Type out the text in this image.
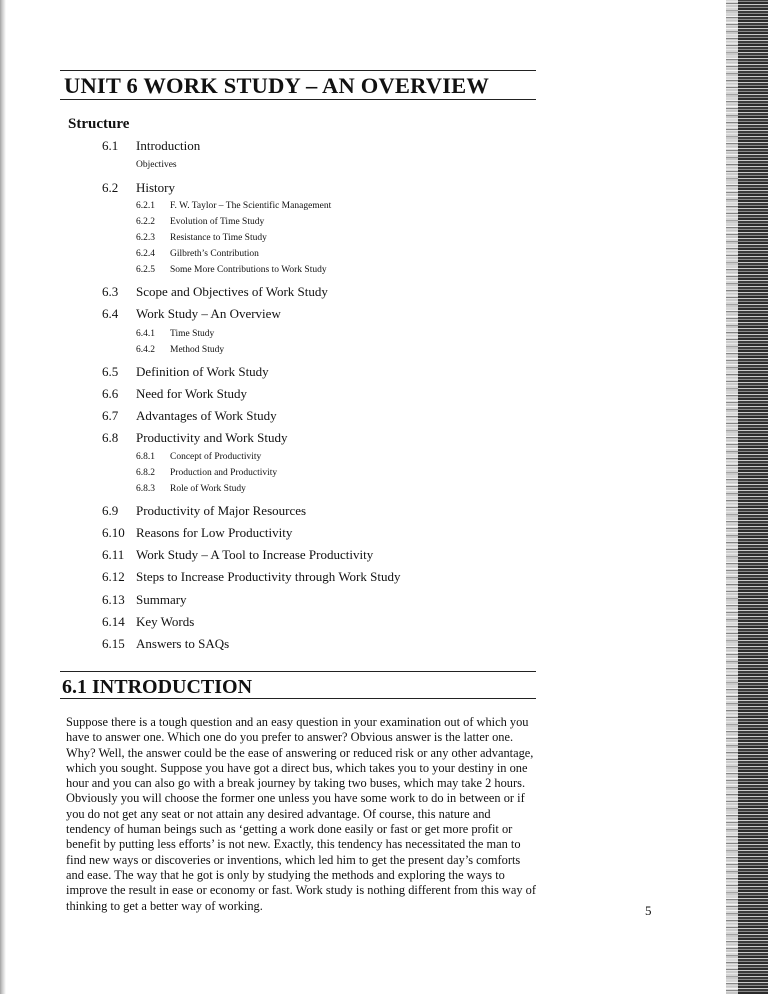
UNIT 6 WORK STUDY – AN OVERVIEW
Structure
6.1 Introduction
Objectives
6.2 History
6.2.1 F. W. Taylor – The Scientific Management
6.2.2 Evolution of Time Study
6.2.3 Resistance to Time Study
6.2.4 Gilbreth’s Contribution
6.2.5 Some More Contributions to Work Study
6.3 Scope and Objectives of Work Study
6.4 Work Study – An Overview
6.4.1 Time Study
6.4.2 Method Study
6.5 Definition of Work Study
6.6 Need for Work Study
6.7 Advantages of Work Study
6.8 Productivity and Work Study
6.8.1 Concept of Productivity
6.8.2 Production and Productivity
6.8.3 Role of Work Study
6.9 Productivity of Major Resources
6.10 Reasons for Low Productivity
6.11 Work Study – A Tool to Increase Productivity
6.12 Steps to Increase Productivity through Work Study
6.13 Summary
6.14 Key Words
6.15 Answers to SAQs
6.1 INTRODUCTION

Suppose there is a tough question and an easy question in your examination out of which you have to answer one. Which one do you prefer to answer? Obvious answer is the latter one. Why? Well, the answer could be the ease of answering or reduced risk or any other advantage, which you sought. Suppose you have got a direct bus, which takes you to your destiny in one hour and you can also go with a break journey by taking two buses, which may take 2 hours. Obviously you will choose the former one unless you have some work to do in between or if you do not get any seat or not attain any desired advantage. Of course, this nature and tendency of human beings such as ‘getting a work done easily or fast or get more profit or benefit by putting less efforts’ is not new. Exactly, this tendency has necessitated the man to find new ways or discoveries or inventions, which led him to get the present day’s comforts and ease. The way that he got is only by studying the methods and exploring the ways to improve the result in ease or economy or fast. Work study is nothing different from this way of thinking to get a better way of working.	5
